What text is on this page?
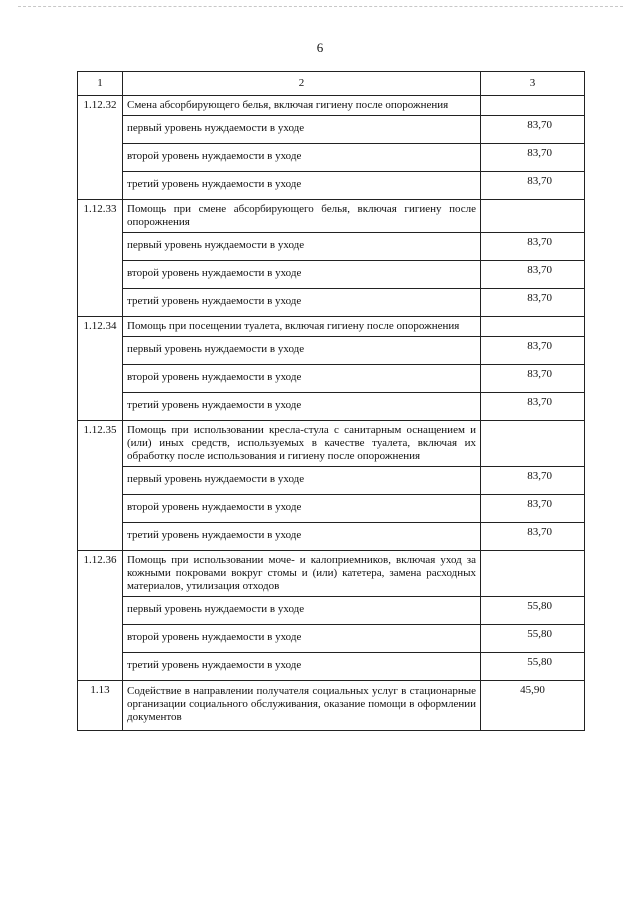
6
1	2	3
1.12.32	Смена абсорбирующего белья, включая гигиену после опорожнения	
	первый уровень нуждаемости в уходе	83,70
	второй уровень нуждаемости в уходе	83,70
	третий уровень нуждаемости в уходе	83,70
1.12.33	Помощь при смене абсорбирующего белья, включая гигиену после опорожнения	
	первый уровень нуждаемости в уходе	83,70
	второй уровень нуждаемости в уходе	83,70
	третий уровень нуждаемости в уходе	83,70
1.12.34	Помощь при посещении туалета, включая гигиену после опорожнения	
	первый уровень нуждаемости в уходе	83,70
	второй уровень нуждаемости в уходе	83,70
	третий уровень нуждаемости в уходе	83,70
1.12.35	Помощь при использовании кресла-стула с санитарным оснащением и (или) иных средств, используемых в качестве туалета, включая их обработку после использования и гигиену после опорожнения	
	первый уровень нуждаемости в уходе	83,70
	второй уровень нуждаемости в уходе	83,70
	третий уровень нуждаемости в уходе	83,70
1.12.36	Помощь при использовании моче- и калоприемников, включая уход за кожными покровами вокруг стомы и (или) катетера, замена расходных материалов, утилизация отходов	
	первый уровень нуждаемости в уходе	55,80
	второй уровень нуждаемости в уходе	55,80
	третий уровень нуждаемости в уходе	55,80
1.13	Содействие в направлении получателя социальных услуг в стационарные организации социального обслуживания, оказание помощи в оформлении документов	45,90
